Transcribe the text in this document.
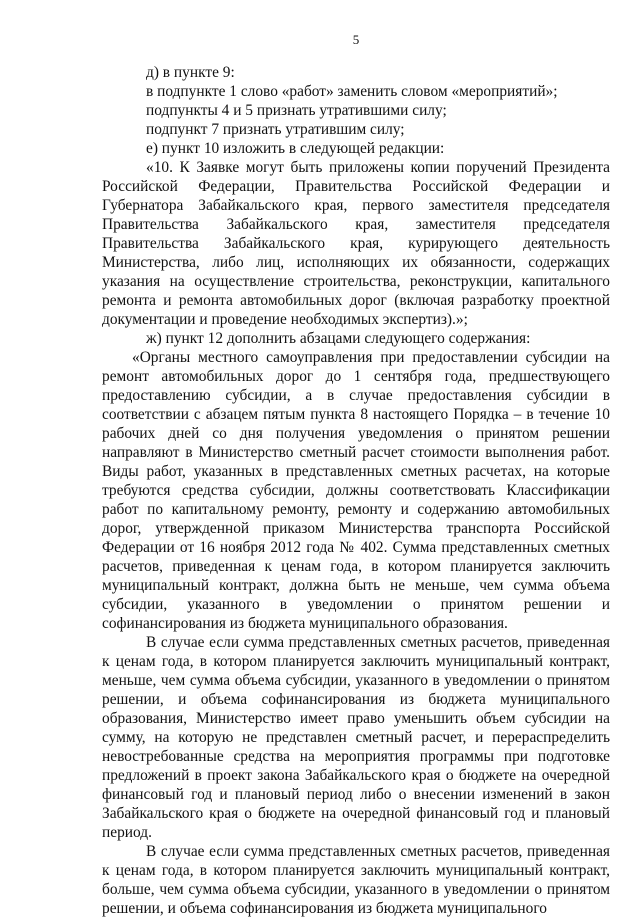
5

д) в пункте 9:

в подпункте 1 слово «работ» заменить словом «мероприятий»;

подпункты 4 и 5 признать утратившими силу;

подпункт 7 признать утратившим силу;

е) пункт 10 изложить в следующей редакции:

«10. К Заявке могут быть приложены копии поручений Президента Российской Федерации, Правительства Российской Федерации и Губернатора Забайкальского края, первого заместителя председателя Правительства Забайкальского края, заместителя председателя Правительства Забайкальского края, курирующего деятельность Министерства, либо лиц, исполняющих их обязанности, содержащих указания на осуществление строительства, реконструкции, капитального ремонта и ремонта автомобильных дорог (включая разработку проектной документации и проведение необходимых экспертиз).»;

ж) пункт 12 дополнить абзацами следующего содержания:

«Органы местного самоуправления при предоставлении субсидии на ремонт автомобильных дорог до 1 сентября года, предшествующего предоставлению субсидии, а в случае предоставления субсидии в соответствии с абзацем пятым пункта 8 настоящего Порядка – в течение 10 рабочих дней со дня получения уведомления о принятом решении направляют в Министерство сметный расчет стоимости выполнения работ. Виды работ, указанных в представленных сметных расчетах, на которые требуются средства субсидии, должны соответствовать Классификации работ по капитальному ремонту, ремонту и содержанию автомобильных дорог, утвержденной приказом Министерства транспорта Российской Федерации от 16 ноября 2012 года № 402. Сумма представленных сметных расчетов, приведенная к ценам года, в котором планируется заключить муниципальный контракт, должна быть не меньше, чем сумма объема субсидии, указанного в уведомлении о принятом решении и софинансирования из бюджета муниципального образования.

В случае если сумма представленных сметных расчетов, приведенная к ценам года, в котором планируется заключить муниципальный контракт, меньше, чем сумма объема субсидии, указанного в уведомлении о принятом решении, и объема софинансирования из бюджета муниципального образования, Министерство имеет право уменьшить объем субсидии на сумму, на которую не представлен сметный расчет, и перераспределить невостребованные средства на мероприятия программы при подготовке предложений в проект закона Забайкальского края о бюджете на очередной финансовый год и плановый период либо о внесении изменений в закон Забайкальского края о бюджете на очередной финансовый год и плановый период.

В случае если сумма представленных сметных расчетов, приведенная к ценам года, в котором планируется заключить муниципальный контракт, больше, чем сумма объема субсидии, указанного в уведомлении о принятом решении, и объема софинансирования из бюджета муниципального
